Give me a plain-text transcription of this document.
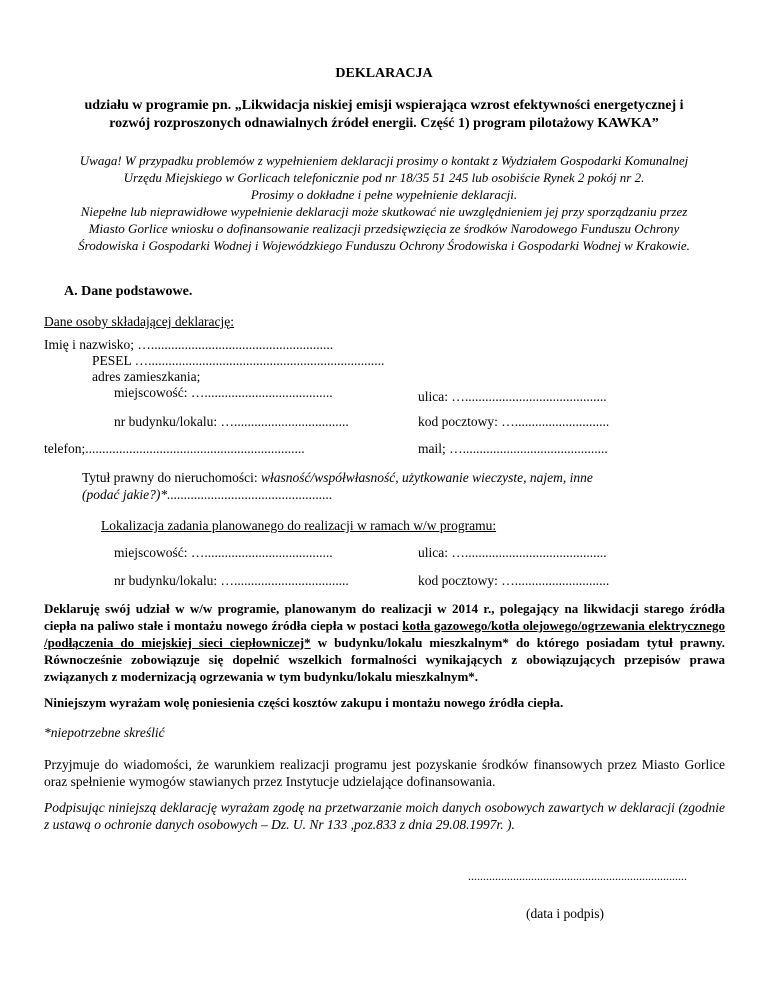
DEKLARACJA
udziału w programie pn. „Likwidacja niskiej emisji wspierająca wzrost efektywności energetycznej i
rozwój rozproszonych odnawialnych źródeł energii. Część 1) program pilotażowy KAWKA”
Uwaga! W przypadku problemów z wypełnieniem deklaracji prosimy o kontakt z Wydziałem Gospodarki Komunalnej
Urzędu Miejskiego w Gorlicach telefonicznie pod nr 18/35 51 245 lub osobiście Rynek 2 pokój nr 2.
Prosimy o dokładne i pełne wypełnienie deklaracji.
Niepełne lub nieprawidłowe wypełnienie deklaracji może skutkować nie uwzględnieniem jej przy sporządzaniu przez
Miasto Gorlice wniosku o dofinansowanie realizacji przedsięwzięcia ze środków Narodowego Funduszu Ochrony
Środowiska i Gospodarki Wodnej i Wojewódzkiego Funduszu Ochrony Środowiska i Gospodarki Wodnej w Krakowie.
A. Dane podstawowe.
Dane osoby składającej deklarację:
Imię i nazwisko; …......................................................
PESEL …......................................................................
adres zamieszkania;
miejscowość: …......................................	ulica: …..........................................
nr budynku/lokalu: …..................................	kod pocztowy: …............................
telefon;.................................................................	mail; …...........................................
Tytuł prawny do nieruchomości: własność/współwłasność, użytkowanie wieczyste, najem, inne
(podać jakie?)*.................................................
Lokalizacja zadania planowanego do realizacji w ramach w/w programu:
miejscowość: …......................................	ulica: …..........................................
nr budynku/lokalu: …..................................	kod pocztowy: …............................
Deklaruję swój udział w w/w programie, planowanym do realizacji w 2014 r., polegający na likwidacji starego źródła ciepła na paliwo stałe i montażu nowego źródła ciepła w postaci kotła gazowego/kotła olejowego/ogrzewania elektrycznego /podłączenia do miejskiej sieci ciepłowniczej* w budynku/lokalu mieszkalnym* do którego posiadam tytuł prawny. Równocześnie zobowiązuje się dopełnić wszelkich formalności wynikających z obowiązujących przepisów prawa związanych z modernizacją ogrzewania w tym budynku/lokalu mieszkalnym*.
Niniejszym wyrażam wolę poniesienia części kosztów zakupu i montażu nowego źródła ciepła.
*niepotrzebne skreślić
Przyjmuje do wiadomości, że warunkiem realizacji programu jest pozyskanie środków finansowych przez Miasto Gorlice oraz spełnienie wymogów stawianych przez Instytucje udzielające dofinansowania.
Podpisując niniejszą deklarację wyrażam zgodę na przetwarzanie moich danych osobowych zawartych w deklaracji (zgodnie z ustawą o ochronie danych osobowych – Dz. U. Nr 133 ,poz.833 z dnia 29.08.1997r. ).
.........................................................................
(data i podpis)
